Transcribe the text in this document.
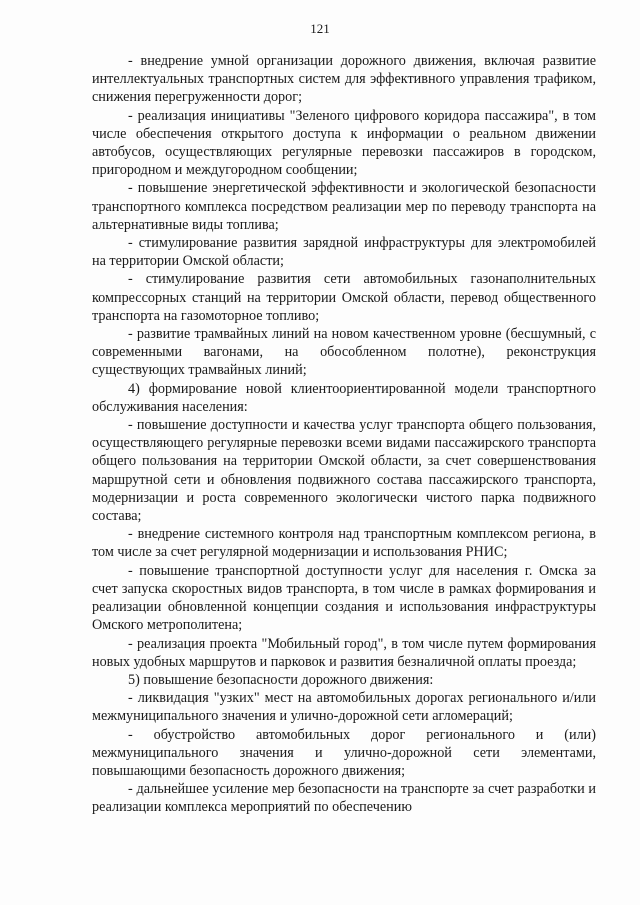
121

- внедрение умной организации дорожного движения, включая развитие интеллектуальных транспортных систем для эффективного управления трафиком, снижения перегруженности дорог;

- реализация инициативы "Зеленого цифрового коридора пассажира", в том числе обеспечения открытого доступа к информации о реальном движении автобусов, осуществляющих регулярные перевозки пассажиров в городском, пригородном и междугородном сообщении;

- повышение энергетической эффективности и экологической безопасности транспортного комплекса посредством реализации мер по переводу транспорта на альтернативные виды топлива;

- стимулирование развития зарядной инфраструктуры для электромобилей на территории Омской области;

- стимулирование развития сети автомобильных газонаполнительных компрессорных станций на территории Омской области, перевод общественного транспорта на газомоторное топливо;

- развитие трамвайных линий на новом качественном уровне (бесшумный, с современными вагонами, на обособленном полотне), реконструкция существующих трамвайных линий;

4) формирование новой клиентоориентированной модели транспортного обслуживания населения:

- повышение доступности и качества услуг транспорта общего пользования, осуществляющего регулярные перевозки всеми видами пассажирского транспорта общего пользования на территории Омской области, за счет совершенствования маршрутной сети и обновления подвижного состава пассажирского транспорта, модернизации и роста современного экологически чистого парка подвижного состава;

- внедрение системного контроля над транспортным комплексом региона, в том числе за счет регулярной модернизации и использования РНИС;

- повышение транспортной доступности услуг для населения г. Омска за счет запуска скоростных видов транспорта, в том числе в рамках формирования и реализации обновленной концепции создания и использования инфраструктуры Омского метрополитена;

- реализация проекта "Мобильный город", в том числе путем формирования новых удобных маршрутов и парковок и развития безналичной оплаты проезда;

5) повышение безопасности дорожного движения:

- ликвидация "узких" мест на автомобильных дорогах регионального и/или межмуниципального значения и улично-дорожной сети агломераций;

- обустройство автомобильных дорог регионального и (или) межмуниципального значения и улично-дорожной сети элементами, повышающими безопасность дорожного движения;

- дальнейшее усиление мер безопасности на транспорте за счет разработки и реализации комплекса мероприятий по обеспечению
